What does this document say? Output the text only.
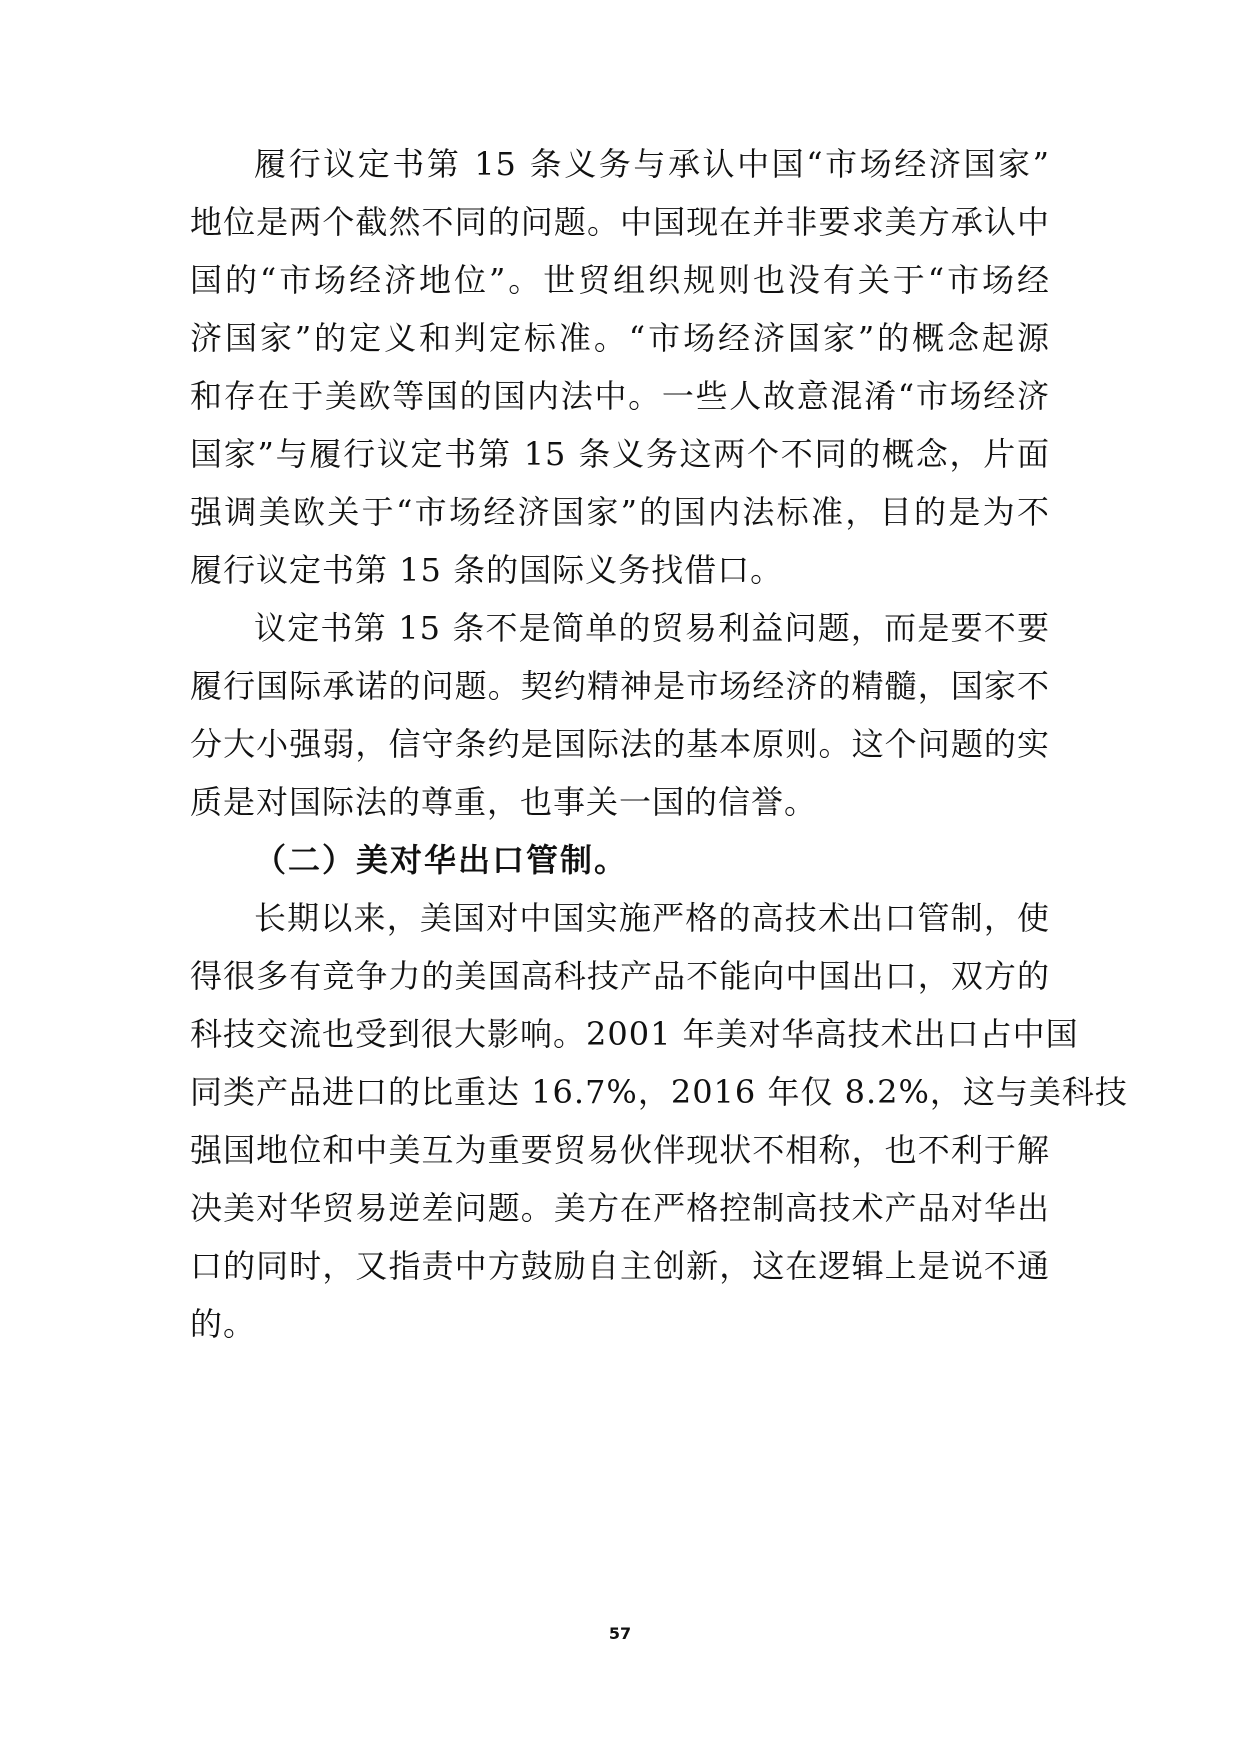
履行议定书第 15 条义务与承认中国“市场经济国家”
地位是两个截然不同的问题。中国现在并非要求美方承认中
国的“市场经济地位”。世贸组织规则也没有关于“市场经
济国家”的定义和判定标准。“市场经济国家”的概念起源
和存在于美欧等国的国内法中。一些人故意混淆“市场经济
国家”与履行议定书第 15 条义务这两个不同的概念，片面
强调美欧关于“市场经济国家”的国内法标准，目的是为不
履行议定书第 15 条的国际义务找借口。
议定书第 15 条不是简单的贸易利益问题，而是要不要
履行国际承诺的问题。契约精神是市场经济的精髓，国家不
分大小强弱，信守条约是国际法的基本原则。这个问题的实
质是对国际法的尊重，也事关一国的信誉。
（二）美对华出口管制。
长期以来，美国对中国实施严格的高技术出口管制，使
得很多有竞争力的美国高科技产品不能向中国出口，双方的
科技交流也受到很大影响。2001 年美对华高技术出口占中国
同类产品进口的比重达 16.7%，2016 年仅 8.2%，这与美科技
强国地位和中美互为重要贸易伙伴现状不相称，也不利于解
决美对华贸易逆差问题。美方在严格控制高技术产品对华出
口的同时，又指责中方鼓励自主创新，这在逻辑上是说不通
的。
57
